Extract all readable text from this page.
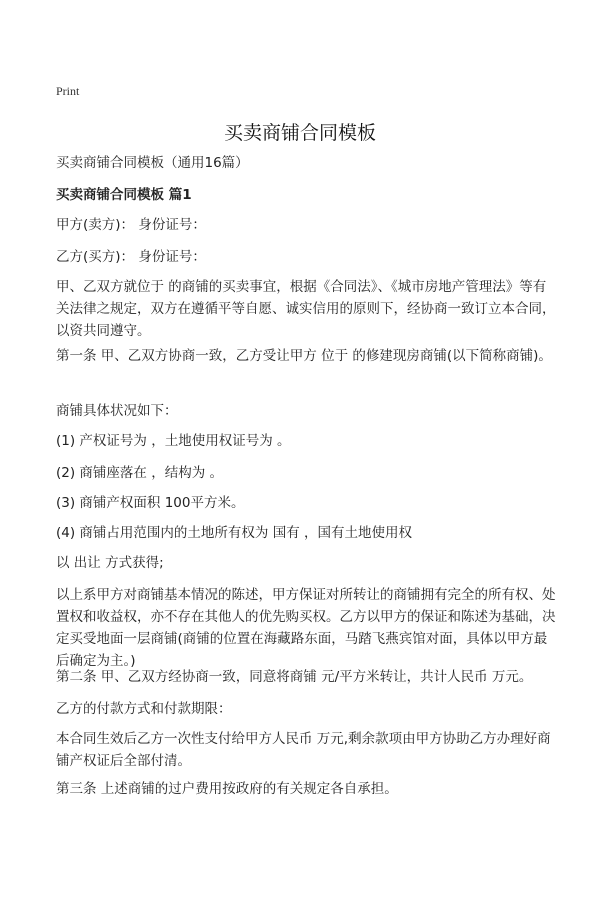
Print
买卖商铺合同模板
买卖商铺合同模板（通用16篇）
买卖商铺合同模板 篇1
甲方(卖方)： 身份证号：
乙方(买方)： 身份证号：
甲、乙双方就位于 的商铺的买卖事宜，根据《合同法》、《城市房地产管理法》等有关法律之规定，双方在遵循平等自愿、诚实信用的原则下，经协商一致订立本合同，以资共同遵守。
第一条 甲、乙双方协商一致，乙方受让甲方 位于 的修建现房商铺(以下简称商铺)。
商铺具体状况如下：
(1) 产权证号为 ，土地使用权证号为 。
(2) 商铺座落在 ，结构为 。
(3) 商铺产权面积 100平方米。
(4) 商铺占用范围内的土地所有权为 国有 ，国有土地使用权
以 出让 方式获得;
以上系甲方对商铺基本情况的陈述，甲方保证对所转让的商铺拥有完全的所有权、处置权和收益权，亦不存在其他人的优先购买权。乙方以甲方的保证和陈述为基础，决定买受地面一层商铺(商铺的位置在海藏路东面，马踏飞燕宾馆对面，具体以甲方最后确定为主。)
第二条 甲、乙双方经协商一致，同意将商铺 元/平方米转让，共计人民币 万元。
乙方的付款方式和付款期限：
本合同生效后乙方一次性支付给甲方人民币 万元,剩余款项由甲方协助乙方办理好商铺产权证后全部付清。
第三条 上述商铺的过户费用按政府的有关规定各自承担。
